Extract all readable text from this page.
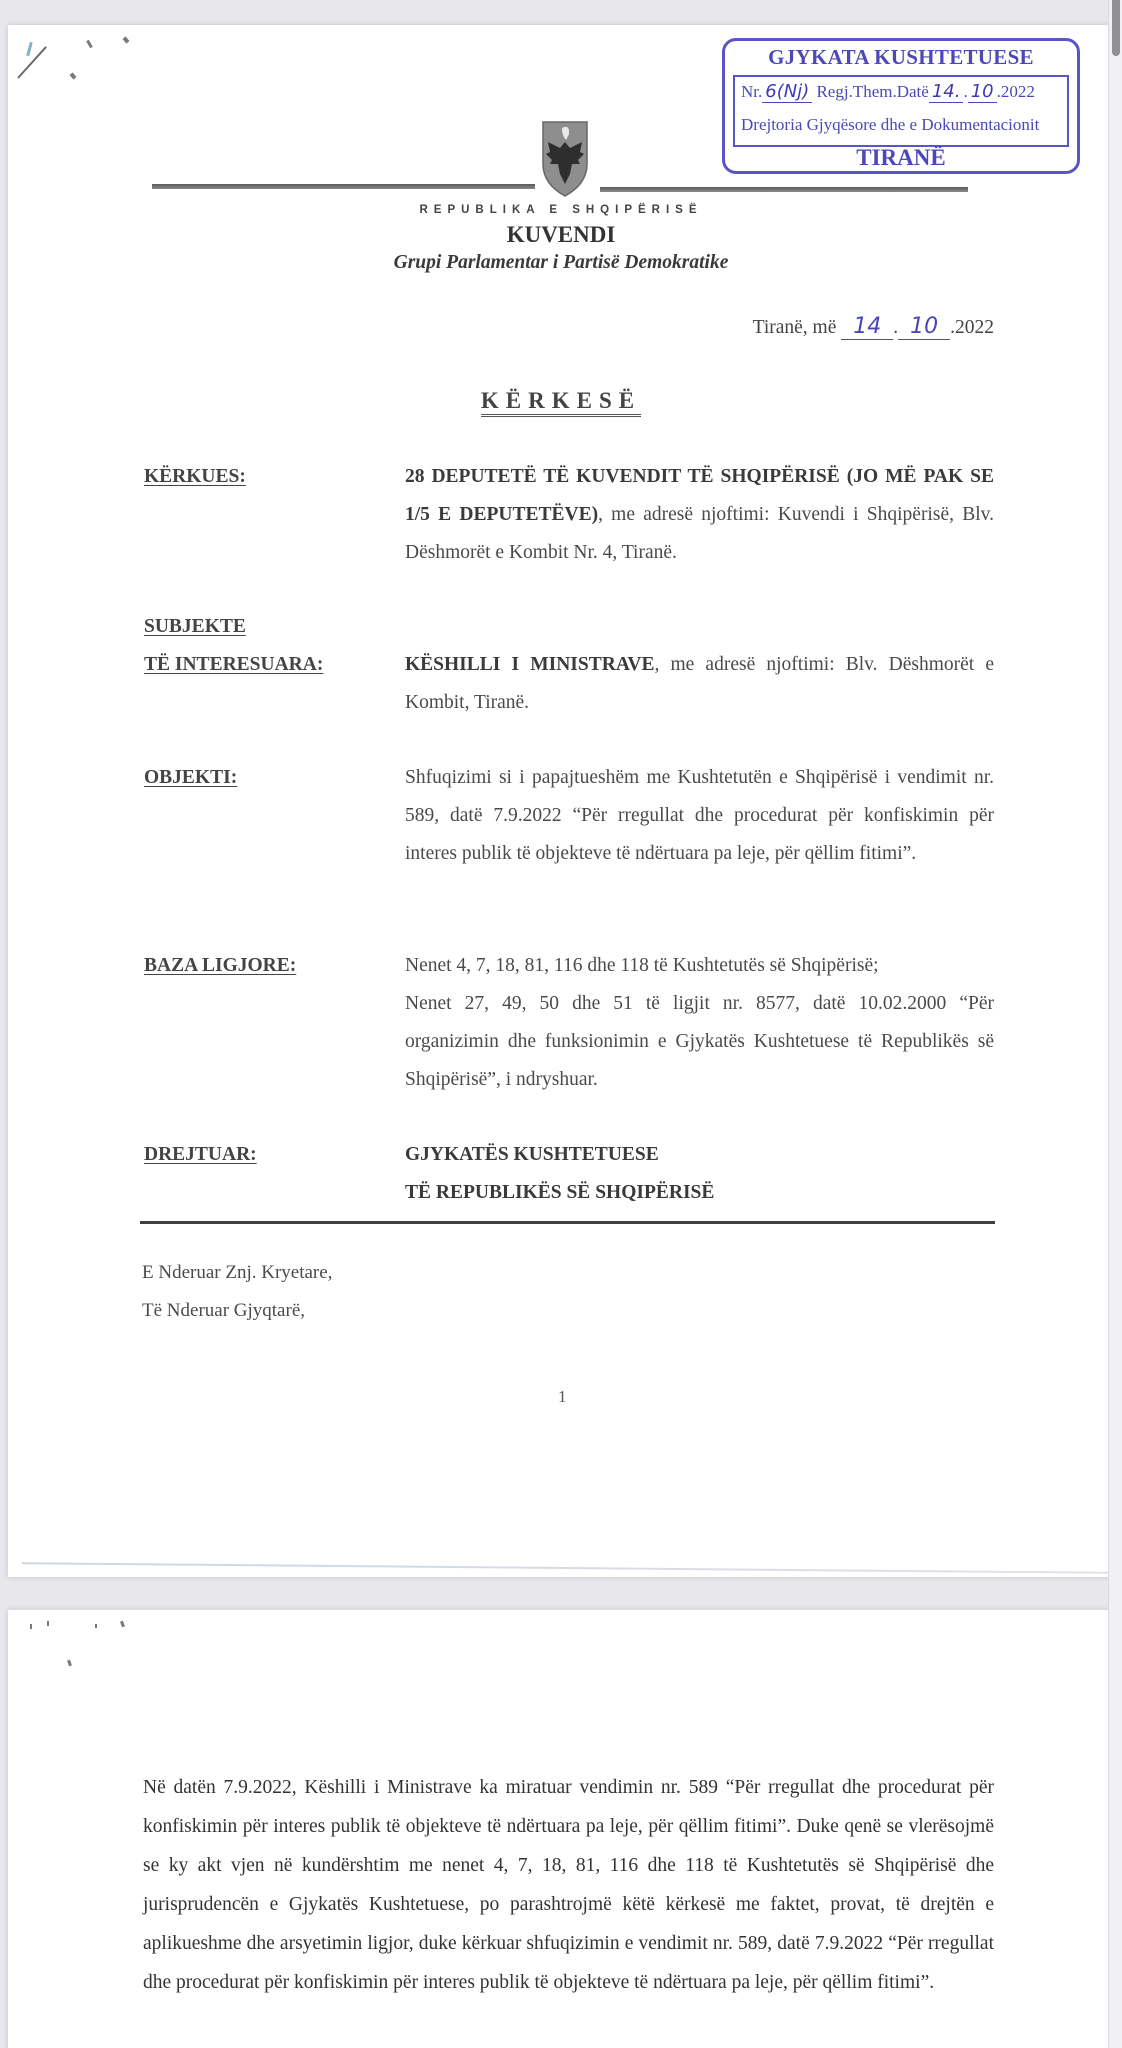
GJYKATA KUSHTETUESE
Nr. 6(Nj) Regj.Them.Datë 14. . 10 .2022
Drejtoria Gjyqësore dhe e Dokumentacionit
TIRANË
REPUBLIKA E SHQIPËRISË
KUVENDI
Grupi Parlamentar i Partisë Demokratike
Tiranë, më 14 . 10 .2022
KËRKESË
KËRKUES:	28 DEPUTETË TË KUVENDIT TË SHQIPËRISË (JO MË PAK SE 1/5 E DEPUTETËVE), me adresë njoftimi: Kuvendi i Shqipërisë, Blv. Dëshmorët e Kombit Nr. 4, Tiranë.
SUBJEKTE
TË INTERESUARA:	KËSHILLI I MINISTRAVE, me adresë njoftimi: Blv. Dëshmorët e Kombit, Tiranë.
OBJEKTI:	Shfuqizimi si i papajtueshëm me Kushtetutën e Shqipërisë i vendimit nr. 589, datë 7.9.2022 “Për rregullat dhe procedurat për konfiskimin për interes publik të objekteve të ndërtuara pa leje, për qëllim fitimi”.
BAZA LIGJORE:	Nenet 4, 7, 18, 81, 116 dhe 118 të Kushtetutës së Shqipërisë;
Nenet 27, 49, 50 dhe 51 të ligjit nr. 8577, datë 10.02.2000 “Për organizimin dhe funksionimin e Gjykatës Kushtetuese të Republikës së Shqipërisë”, i ndryshuar.
DREJTUAR:	GJYKATËS KUSHTETUESE
TË REPUBLIKËS SË SHQIPËRISË
E Nderuar Znj. Kryetare,
Të Nderuar Gjyqtarë,
1
Në datën 7.9.2022, Këshilli i Ministrave ka miratuar vendimin nr. 589 “Për rregullat dhe procedurat për konfiskimin për interes publik të objekteve të ndërtuara pa leje, për qëllim fitimi”. Duke qenë se vlerësojmë se ky akt vjen në kundërshtim me nenet 4, 7, 18, 81, 116 dhe 118 të Kushtetutës së Shqipërisë dhe jurisprudencën e Gjykatës Kushtetuese, po parashtrojmë këtë kërkesë me faktet, provat, të drejtën e aplikueshme dhe arsyetimin ligjor, duke kërkuar shfuqizimin e vendimit nr. 589, datë 7.9.2022 “Për rregullat dhe procedurat për konfiskimin për interes publik të objekteve të ndërtuara pa leje, për qëllim fitimi”.
